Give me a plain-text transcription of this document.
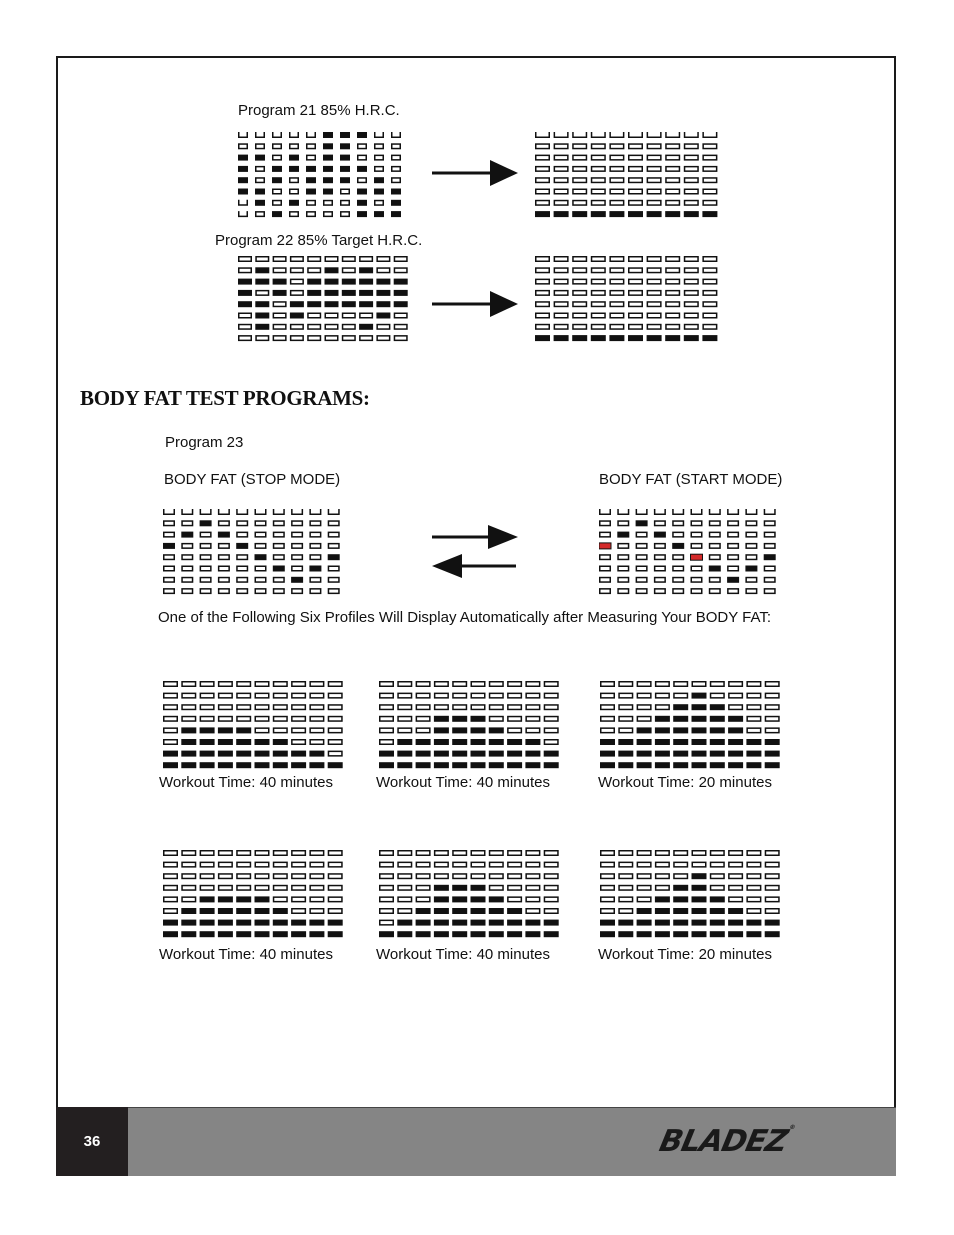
Program 21 85% H.R.C.
Program 22 85% Target H.R.C.
BODY FAT TEST PROGRAMS:
Program 23
BODY FAT (STOP MODE)	BODY FAT (START MODE)
One of the Following Six Profiles Will Display Automatically after Measuring Your BODY FAT:
Workout Time: 40 minutes	Workout Time: 40 minutes	Workout Time: 20 minutes
Workout Time: 40 minutes	Workout Time: 40 minutes	Workout Time: 20 minutes
36	BLADEZ®
